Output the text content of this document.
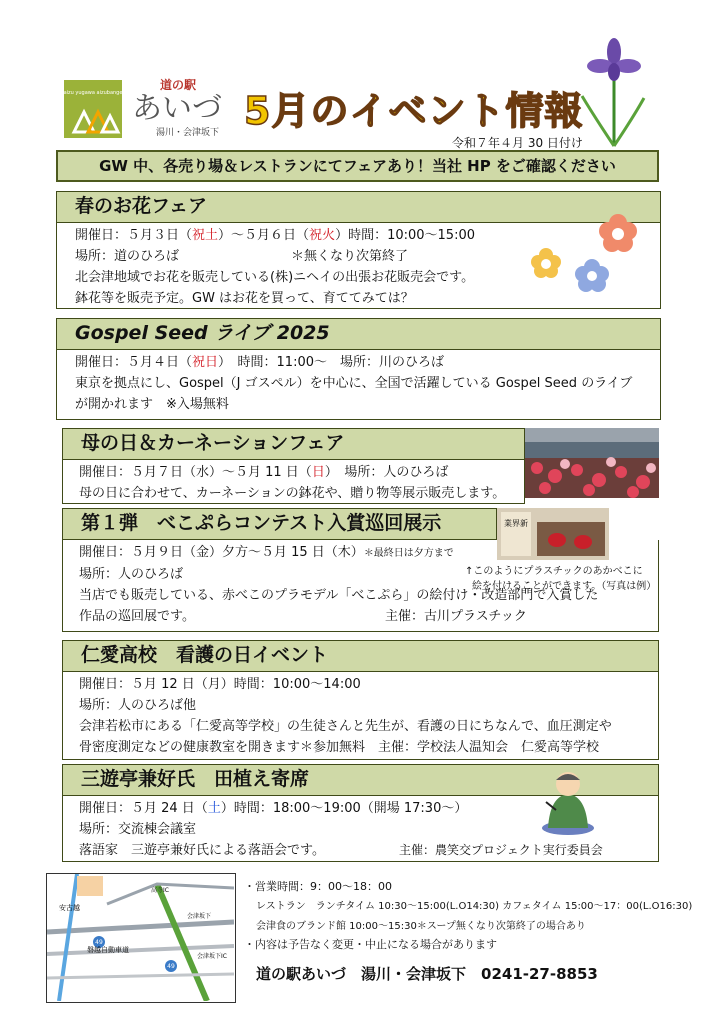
aizu yugawa aizubange
道の駅
あいづ
湯川・会津坂下 5月のイベント情報
令和７年４月 30 日付け
GW 中、各売り場＆レストランにてフェアあり！当社 HP をご確認ください
春のお花フェア
開催日：５月３日（祝土）～５月６日（祝火）時間：10:00～15:00
場所：道のひろば	＊無くなり次第終了
北会津地域でお花を販売している(株)ニヘイの出張お花販売会です。
鉢花等を販売予定。GW はお花を買って、育ててみては？
Gospel Seed ライブ 2025
開催日：５月４日（祝日）　時間：11:00～　場所：川のひろば
東京を拠点にし、Gospel（J ゴスペル）を中心に、全国で活躍している Gospel Seed のライブ
が開かれます　※入場無料
母の日＆カーネーションフェア
開催日：５月７日（水）～５月 11 日（日）　場所：人のひろば
母の日に合わせて、カーネーションの鉢花や、贈り物等展示販売します。
第１弾　べこぷらコンテスト入賞巡回展示
開催日：５月９日（金）夕方～５月 15 日（木）＊最終日は夕方まで
場所：人のひろば
当店でも販売している、赤べこのプラモデル「べこぷら」の絵付け・改造部門で入賞した
作品の巡回展です。	主催：古川プラスチック
業界新
↑このようにプラスチックのあかべこに
絵を付けることができます。（写真は例）
仁愛高校　看護の日イベント
開催日：５月 12 日（月）時間：10:00～14:00
場所：人のひろば他
会津若松市にある「仁愛高等学校」の生徒さんと先生が、看護の日にちなんで、血圧測定や
骨密度測定などの健康教室を開きます＊参加無料　主催：学校法人温知会　仁愛高等学校
三遊亭兼好氏　田植え寄席
開催日：５月 24 日（土）時間：18:00～19:00（開場 17:30～）
場所：交流棟会議室
落語家　三遊亭兼好氏による落語会です。	主催：農笑交プロジェクト実行委員会
安古越
高寺IC
会津坂下
会津坂下IC
49
49
磐越自動車道
・営業時間：9：00～18：00
レストラン　ランチタイム 10:30～15:00(L.O14:30) カフェタイム 15:00～17：00(L.O16:30)
会津食のブランド館 10:00～15:30＊スープ無くなり次第終了の場合あり
・内容は予告なく変更・中止になる場合があります
道の駅あいづ　湯川・会津坂下　0241-27-8853
